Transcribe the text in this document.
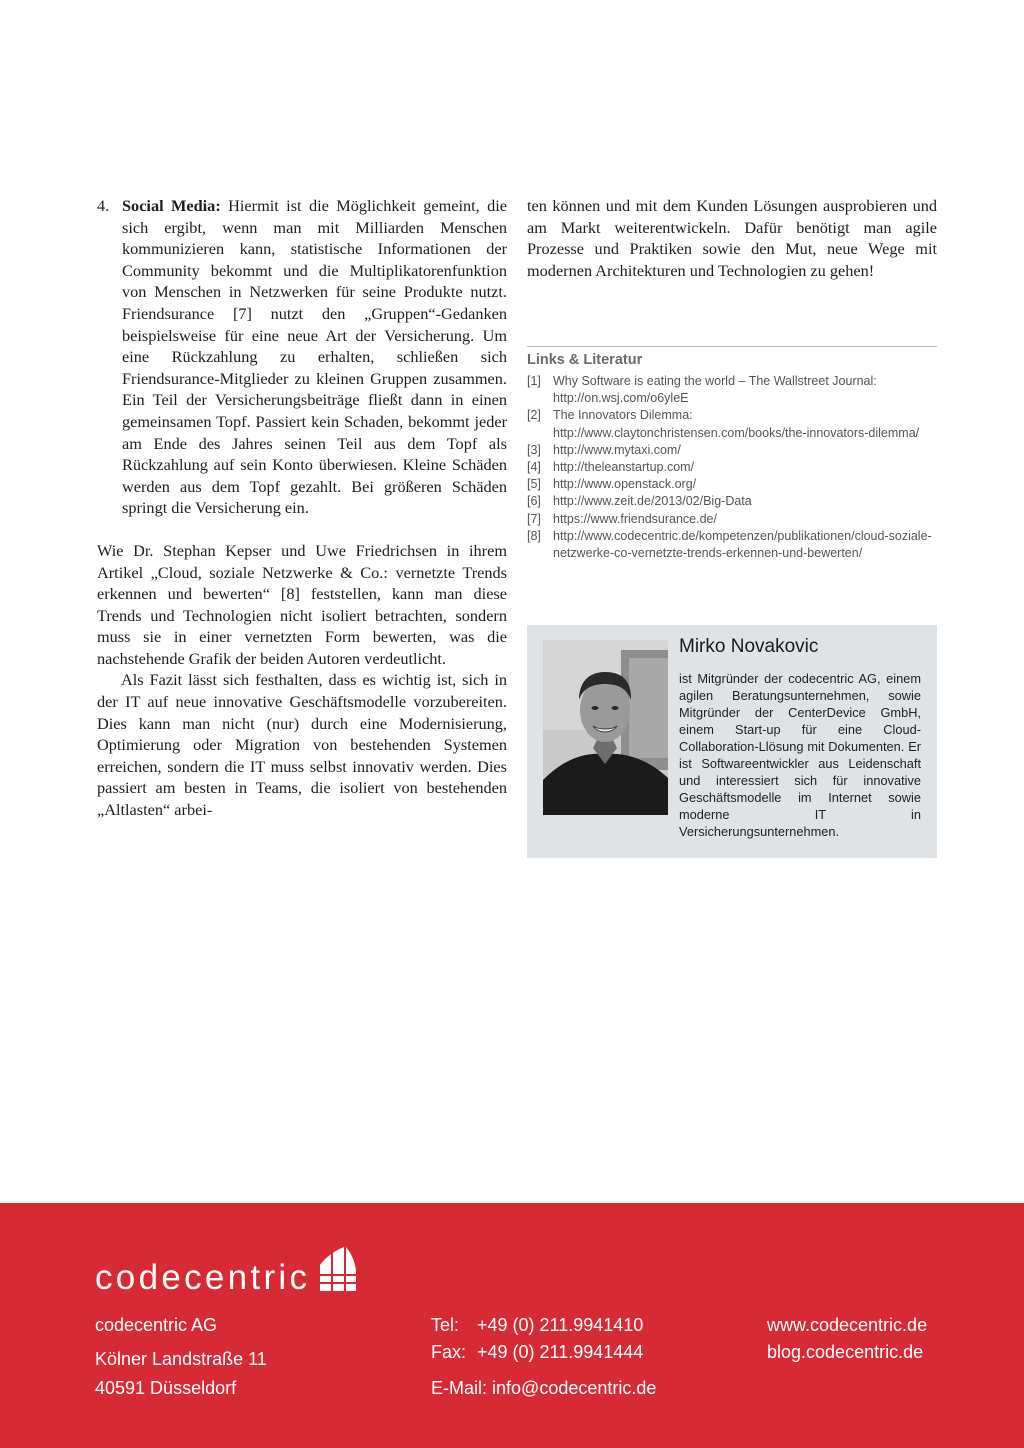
4. Social Media: Hiermit ist die Möglichkeit gemeint, die sich ergibt, wenn man mit Milliarden Menschen kommunizieren kann, statistische Informationen der Community bekommt und die Multiplikatorenfunktion von Menschen in Netzwerken für seine Produkte nutzt. Friendsurance [7] nutzt den „Gruppen“-Gedanken beispielsweise für eine neue Art der Versicherung. Um eine Rückzahlung zu erhalten, schließen sich Friendsurance-Mitglieder zu kleinen Gruppen zusammen. Ein Teil der Versicherungsbeiträge fließt dann in einen gemeinsamen Topf. Passiert kein Schaden, bekommt jeder am Ende des Jahres seinen Teil aus dem Topf als Rückzahlung auf sein Konto überwiesen. Kleine Schäden werden aus dem Topf gezahlt. Bei größeren Schäden springt die Versicherung ein.

Wie Dr. Stephan Kepser und Uwe Friedrichsen in ihrem Artikel „Cloud, soziale Netzwerke & Co.: vernetzte Trends erkennen und bewerten“ [8] feststellen, kann man diese Trends und Technologien nicht isoliert betrachten, sondern muss sie in einer vernetzten Form bewerten, was die nachstehende Grafik der beiden Autoren verdeutlicht.

Als Fazit lässt sich festhalten, dass es wichtig ist, sich in der IT auf neue innovative Geschäftsmodelle vorzubereiten. Dies kann man nicht (nur) durch eine Modernisierung, Optimierung oder Migration von bestehenden Systemen erreichen, sondern die IT muss selbst innovativ werden. Dies passiert am besten in Teams, die isoliert von bestehenden „Altlasten“ arbei-

ten können und mit dem Kunden Lösungen ausprobieren und am Markt weiterentwickeln. Dafür benötigt man agile Prozesse und Praktiken sowie den Mut, neue Wege mit modernen Architekturen und Technologien zu gehen!

Links & Literatur
[1] Why Software is eating the world – The Wallstreet Journal: http://on.wsj.com/o6yleE
[2] The Innovators Dilemma: http://www.claytonchristensen.com/books/the-innovators-dilemma/
[3] http://www.mytaxi.com/
[4] http://theleanstartup.com/
[5] http://www.openstack.org/
[6] http://www.zeit.de/2013/02/Big-Data
[7] https://www.friendsurance.de/
[8] http://www.codecentric.de/kompetenzen/publikationen/cloud-soziale-netzwerke-co-vernetzte-trends-erkennen-und-bewerten/
Mirko Novakovic

ist Mitgründer der codecentric AG, einem agilen Beratungsunternehmen, sowie Mitgründer der CenterDevice GmbH, einem Start-up für eine Cloud-Collaboration-Llösung mit Dokumenten. Er ist Softwareentwickler aus Leidenschaft und interessiert sich für innovative Geschäftsmodelle im Internet sowie moderne IT in Versicherungsunternehmen.

codecentric
codecentric AG
Kölner Landstraße 11
40591 Düsseldorf
Tel: +49 (0) 211.9941410
Fax: +49 (0) 211.9941444
E-Mail: info@codecentric.de
www.codecentric.de
blog.codecentric.de
